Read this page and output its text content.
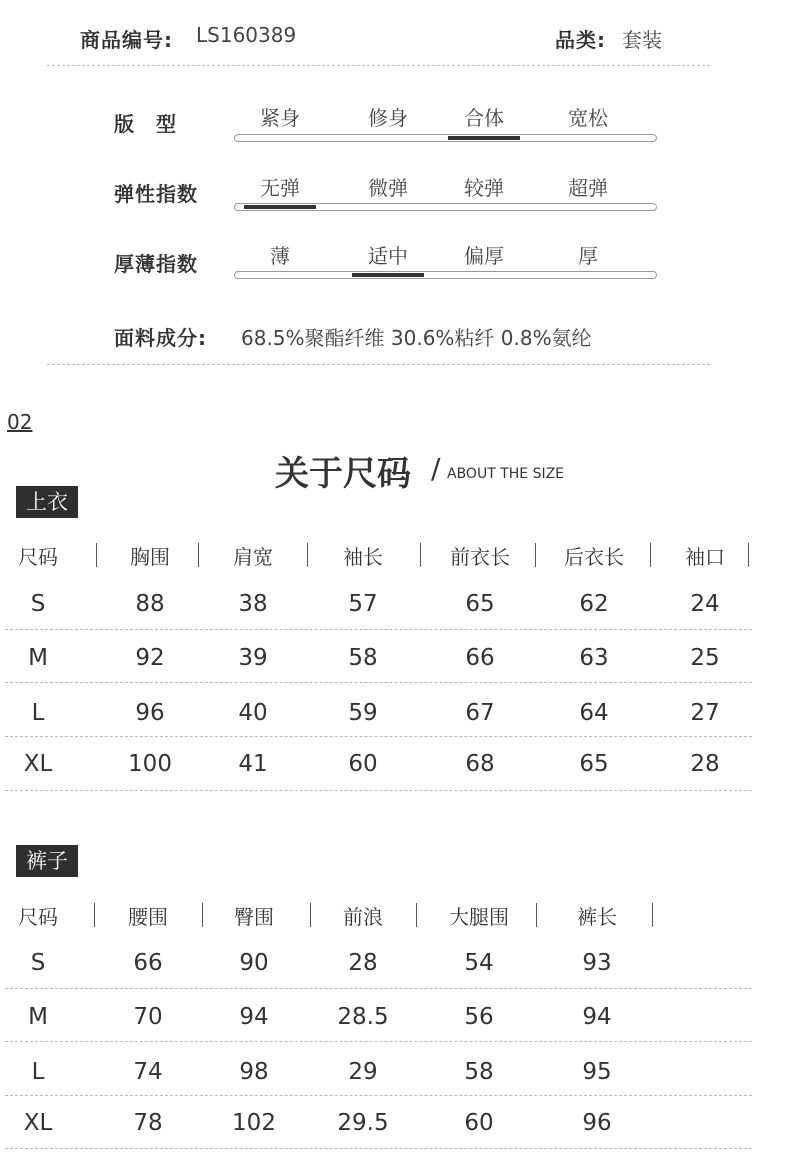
商品编号: LS160389	品类: 套装
版　型	紧身	修身	合体	宽松
弹性指数	无弹	微弹	较弹	超弹
厚薄指数	薄	适中	偏厚	厚
面料成分: 68.5%聚酯纤维 30.6%粘纤 0.8%氨纶
02
关于尺码 / ABOUT THE SIZE
上衣
尺码	胸围	肩宽	袖长	前衣长	后衣长	袖口
S	88	38	57	65	62	24
M	92	39	58	66	63	25
L	96	40	59	67	64	27
XL	100	41	60	68	65	28
裤子
尺码	腰围	臀围	前浪	大腿围	裤长
S	66	90	28	54	93
M	70	94	28.5	56	94
L	74	98	29	58	95
XL	78	102	29.5	60	96
